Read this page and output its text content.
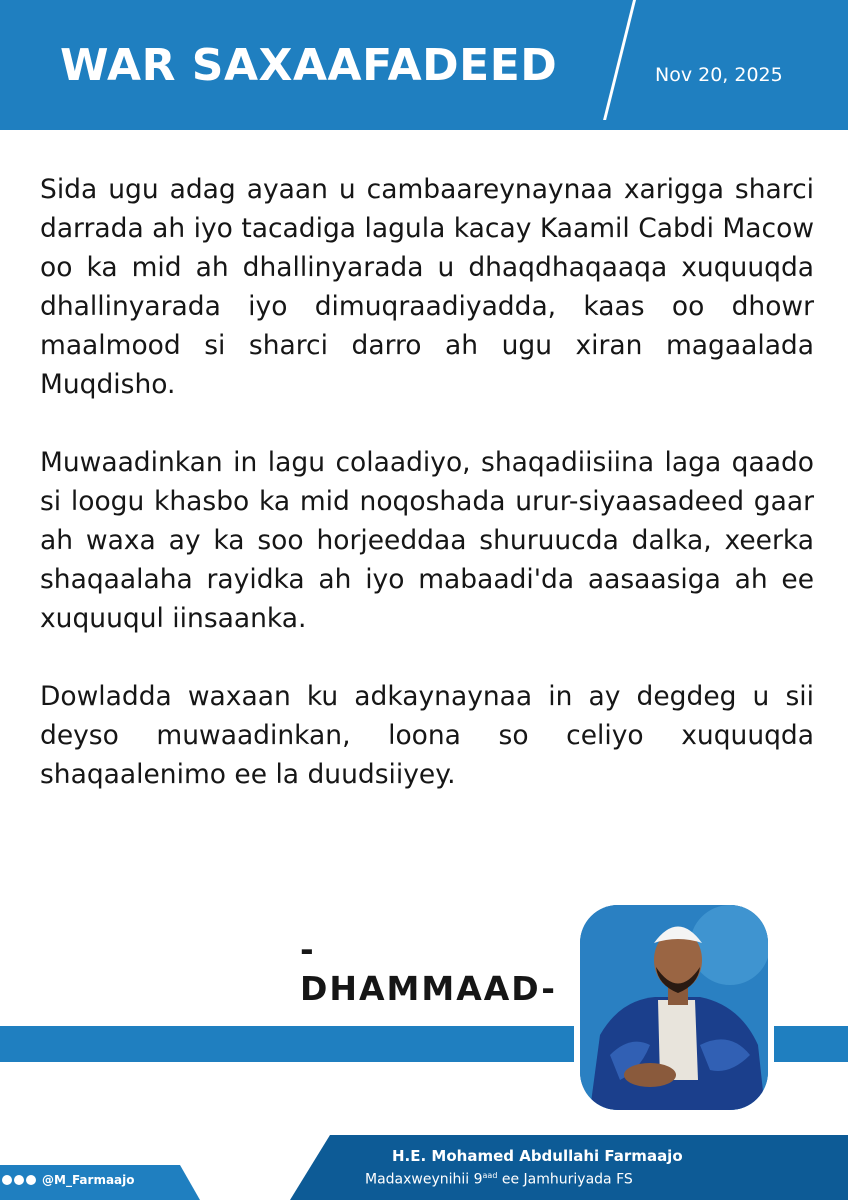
WAR SAXAAFADEED	Nov 20, 2025

Sida ugu adag ayaan u cambaareynaynaa xarigga sharci darrada ah iyo tacadiga lagula kacay Kaamil Cabdi Macow oo ka mid ah dhallinyarada u dhaqdhaqaaqa xuquuqda dhallinyarada iyo dimuqraadiyadda, kaas oo dhowr maalmood si sharci darro ah ugu xiran magaalada Muqdisho.

Muwaadinkan in lagu colaadiyo, shaqadiisiina laga qaado si loogu khasbo ka mid noqoshada urur-siyaasadeed gaar ah waxa ay ka soo horjeeddaa shuruucda dalka, xeerka shaqaalaha rayidka ah iyo mabaadi'da aasaasiga ah ee xuquuqul iinsaanka.

Dowladda waxaan ku adkaynaynaa in ay degdeg u sii deyso muwaadinkan, loona so celiyo xuquuqda shaqaalenimo ee la duudsiiyey.

-DHAMMAAD-
@M_Farmaajo
H.E. Mohamed Abdullahi Farmaajo
Madaxweynihii $9^{aad}$ ee Jamhuriyada FS
